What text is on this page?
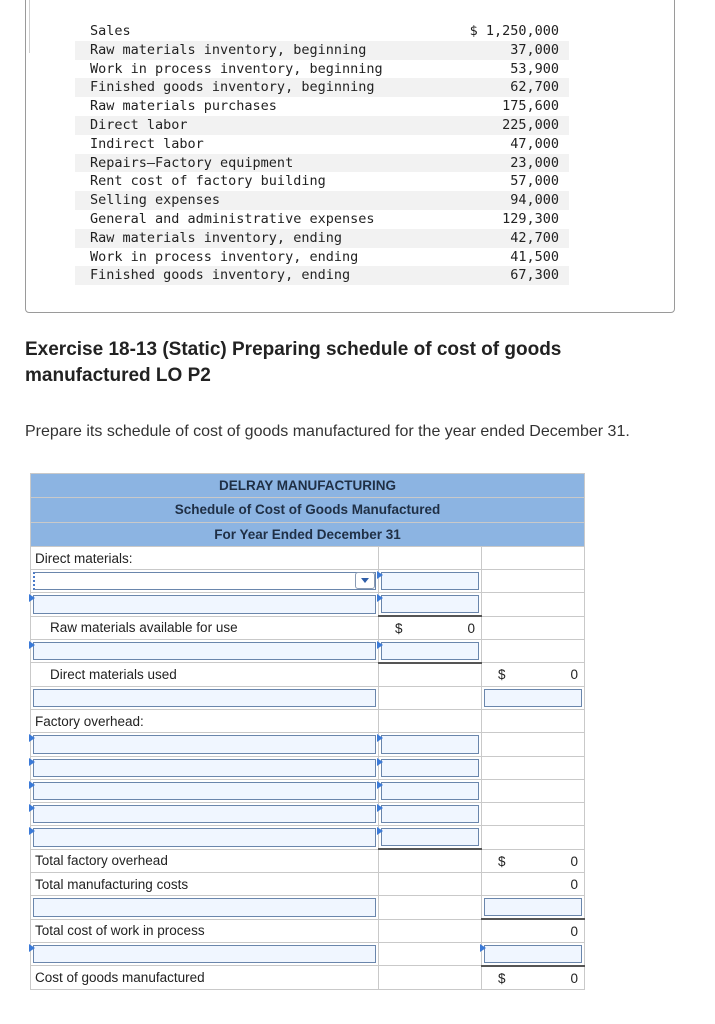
Sales	$ 1,250,000
Raw materials inventory, beginning	37,000
Work in process inventory, beginning	53,900
Finished goods inventory, beginning	62,700
Raw materials purchases	175,600
Direct labor	225,000
Indirect labor	47,000
Repairs—Factory equipment	23,000
Rent cost of factory building	57,000
Selling expenses	94,000
General and administrative expenses	129,300
Raw materials inventory, ending	42,700
Work in process inventory, ending	41,500
Finished goods inventory, ending	67,300
Exercise 18-13 (Static) Preparing schedule of cost of goods manufactured LO P2

Prepare its schedule of cost of goods manufactured for the year ended December 31.

DELRAY MANUFACTURING		
Schedule of Cost of Goods Manufactured		
For Year Ended December 31		
Direct materials:		

Raw materials available for use	$ 0	

Direct materials used		$ 0

Factory overhead:		

Total factory overhead		$ 0

Total manufacturing costs		0

Total cost of work in process		0

Cost of goods manufactured		$ 0
